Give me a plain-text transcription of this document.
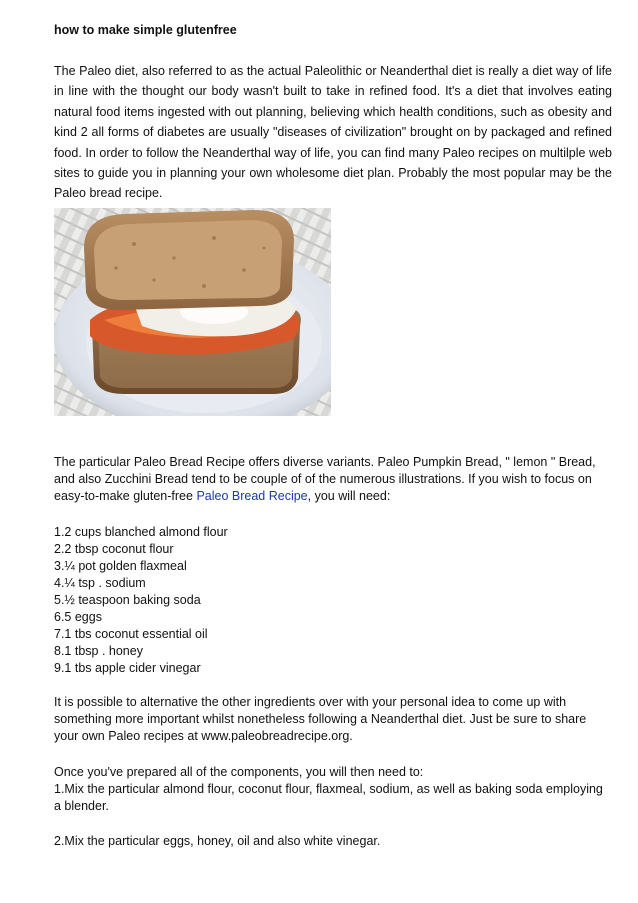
how to make simple glutenfree

The Paleo diet, also referred to as the actual Paleolithic or Neanderthal diet is really a diet way of life in line with the thought our body wasn't built to take in refined food. It's a diet that involves eating natural food items ingested with out planning, believing which health conditions, such as obesity and kind 2 all forms of diabetes are usually "diseases of civilization" brought on by packaged and refined food. In order to follow the Neanderthal way of life, you can find many Paleo recipes on multilple web sites to guide you in planning your own wholesome diet plan. Probably the most popular may be the Paleo bread recipe.

The particular Paleo Bread Recipe offers diverse variants. Paleo Pumpkin Bread, " lemon " Bread, and also Zucchini Bread tend to be couple of of the numerous illustrations. If you wish to focus on easy-to-make gluten-free Paleo Bread Recipe, you will need:

1.2 cups blanched almond flour
2.2 tbsp coconut flour
3.¼ pot golden flaxmeal
4.¼ tsp . sodium
5.½ teaspoon baking soda
6.5 eggs
7.1 tbs coconut essential oil
8.1 tbsp . honey
9.1 tbs apple cider vinegar

It is possible to alternative the other ingredients over with your personal idea to come up with something more important whilst nonetheless following a Neanderthal diet. Just be sure to share your own Paleo recipes at www.paleobreadrecipe.org.

Once you've prepared all of the components, you will then need to:
1.Mix the particular almond flour, coconut flour, flaxmeal, sodium, as well as baking soda employing a blender.

2.Mix the particular eggs, honey, oil and also white vinegar.
